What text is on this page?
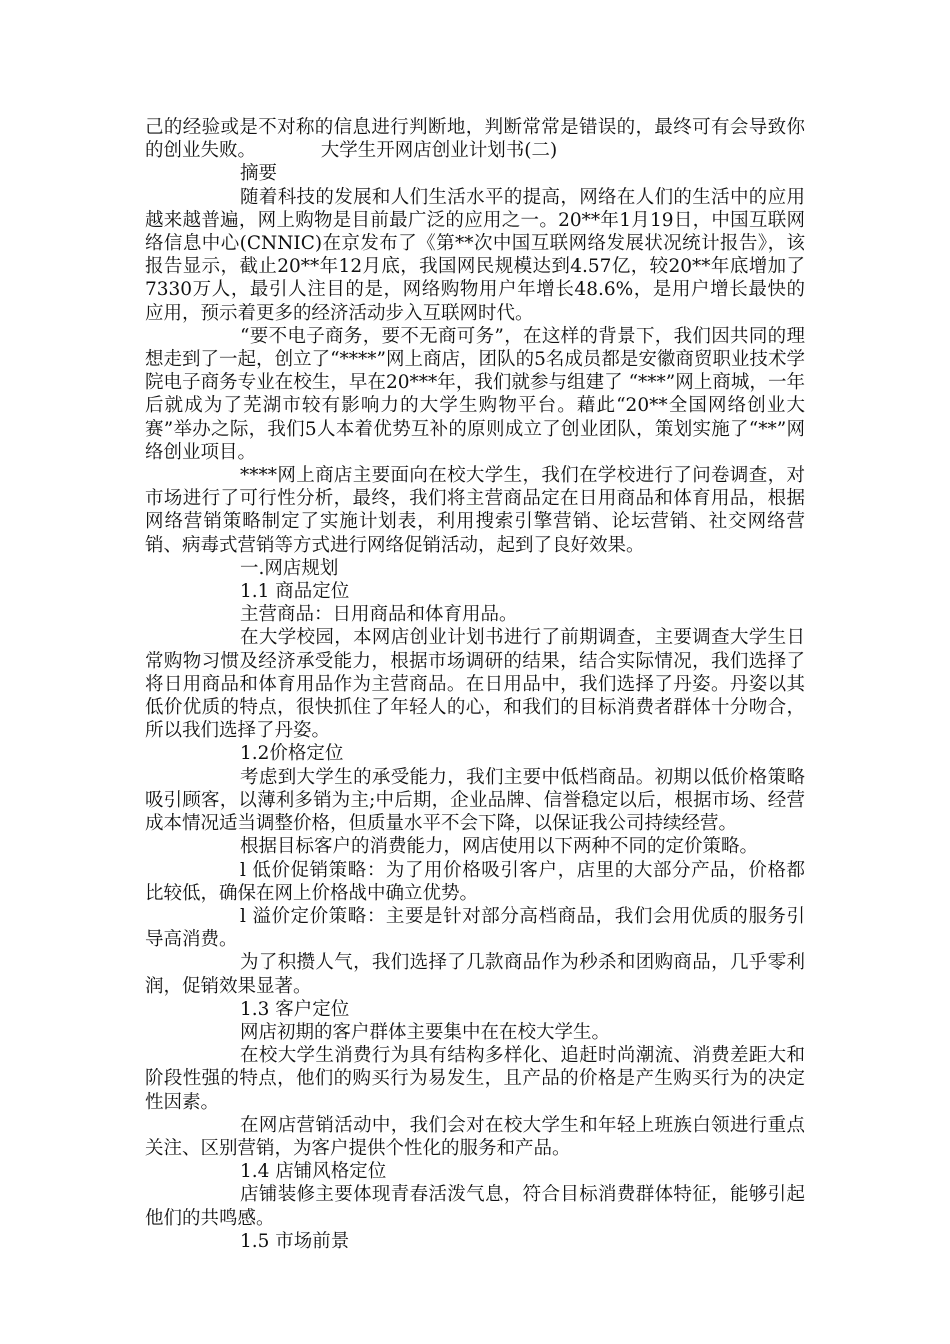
己的经验或是不对称的信息进行判断地，判断常常是错误的，最终可有会导致你的创业失败。　　　　大学生开网店创业计划书(二)

摘要

随着科技的发展和人们生活水平的提高，网络在人们的生活中的应用越来越普遍，网上购物是目前最广泛的应用之一。20**年1月19日，中国互联网络信息中心(CNNIC)在京发布了《第**次中国互联网络发展状况统计报告》，该报告显示，截止20**年12月底，我国网民规模达到4.57亿，较20**年底增加了7330万人，最引人注目的是，网络购物用户年增长48.6%，是用户增长最快的应用，预示着更多的经济活动步入互联网时代。

“要不电子商务，要不无商可务”，在这样的背景下，我们因共同的理想走到了一起，创立了“****”网上商店，团队的5名成员都是安徽商贸职业技术学院电子商务专业在校生，早在20***年，我们就参与组建了 “***”网上商城，一年后就成为了芜湖市较有影响力的大学生购物平台。藉此“20**全国网络创业大赛”举办之际，我们5人本着优势互补的原则成立了创业团队，策划实施了“**”网络创业项目。

****网上商店主要面向在校大学生，我们在学校进行了问卷调查，对市场进行了可行性分析，最终，我们将主营商品定在日用商品和体育用品，根据网络营销策略制定了实施计划表，利用搜索引擎营销、论坛营销、社交网络营销、病毒式营销等方式进行网络促销活动，起到了良好效果。

一.网店规划

1.1 商品定位

主营商品：日用商品和体育用品。

在大学校园，本网店创业计划书进行了前期调查，主要调查大学生日常购物习惯及经济承受能力，根据市场调研的结果，结合实际情况，我们选择了将日用商品和体育用品作为主营商品。在日用品中，我们选择了丹姿。丹姿以其低价优质的特点，很快抓住了年轻人的心，和我们的目标消费者群体十分吻合，所以我们选择了丹姿。

1.2价格定位

考虑到大学生的承受能力，我们主要中低档商品。初期以低价格策略吸引顾客，以薄利多销为主;中后期，企业品牌、信誉稳定以后，根据市场、经营成本情况适当调整价格，但质量水平不会下降，以保证我公司持续经营。

根据目标客户的消费能力，网店使用以下两种不同的定价策略。

l 低价促销策略：为了用价格吸引客户，店里的大部分产品，价格都比较低，确保在网上价格战中确立优势。

l 溢价定价策略：主要是针对部分高档商品，我们会用优质的服务引导高消费。

为了积攒人气，我们选择了几款商品作为秒杀和团购商品，几乎零利润，促销效果显著。

1.3 客户定位

网店初期的客户群体主要集中在在校大学生。

在校大学生消费行为具有结构多样化、追赶时尚潮流、消费差距大和阶段性强的特点，他们的购买行为易发生，且产品的价格是产生购买行为的决定性因素。

在网店营销活动中，我们会对在校大学生和年轻上班族白领进行重点关注、区别营销，为客户提供个性化的服务和产品。

1.4 店铺风格定位

店铺装修主要体现青春活泼气息，符合目标消费群体特征，能够引起他们的共鸣感。

1.5 市场前景
